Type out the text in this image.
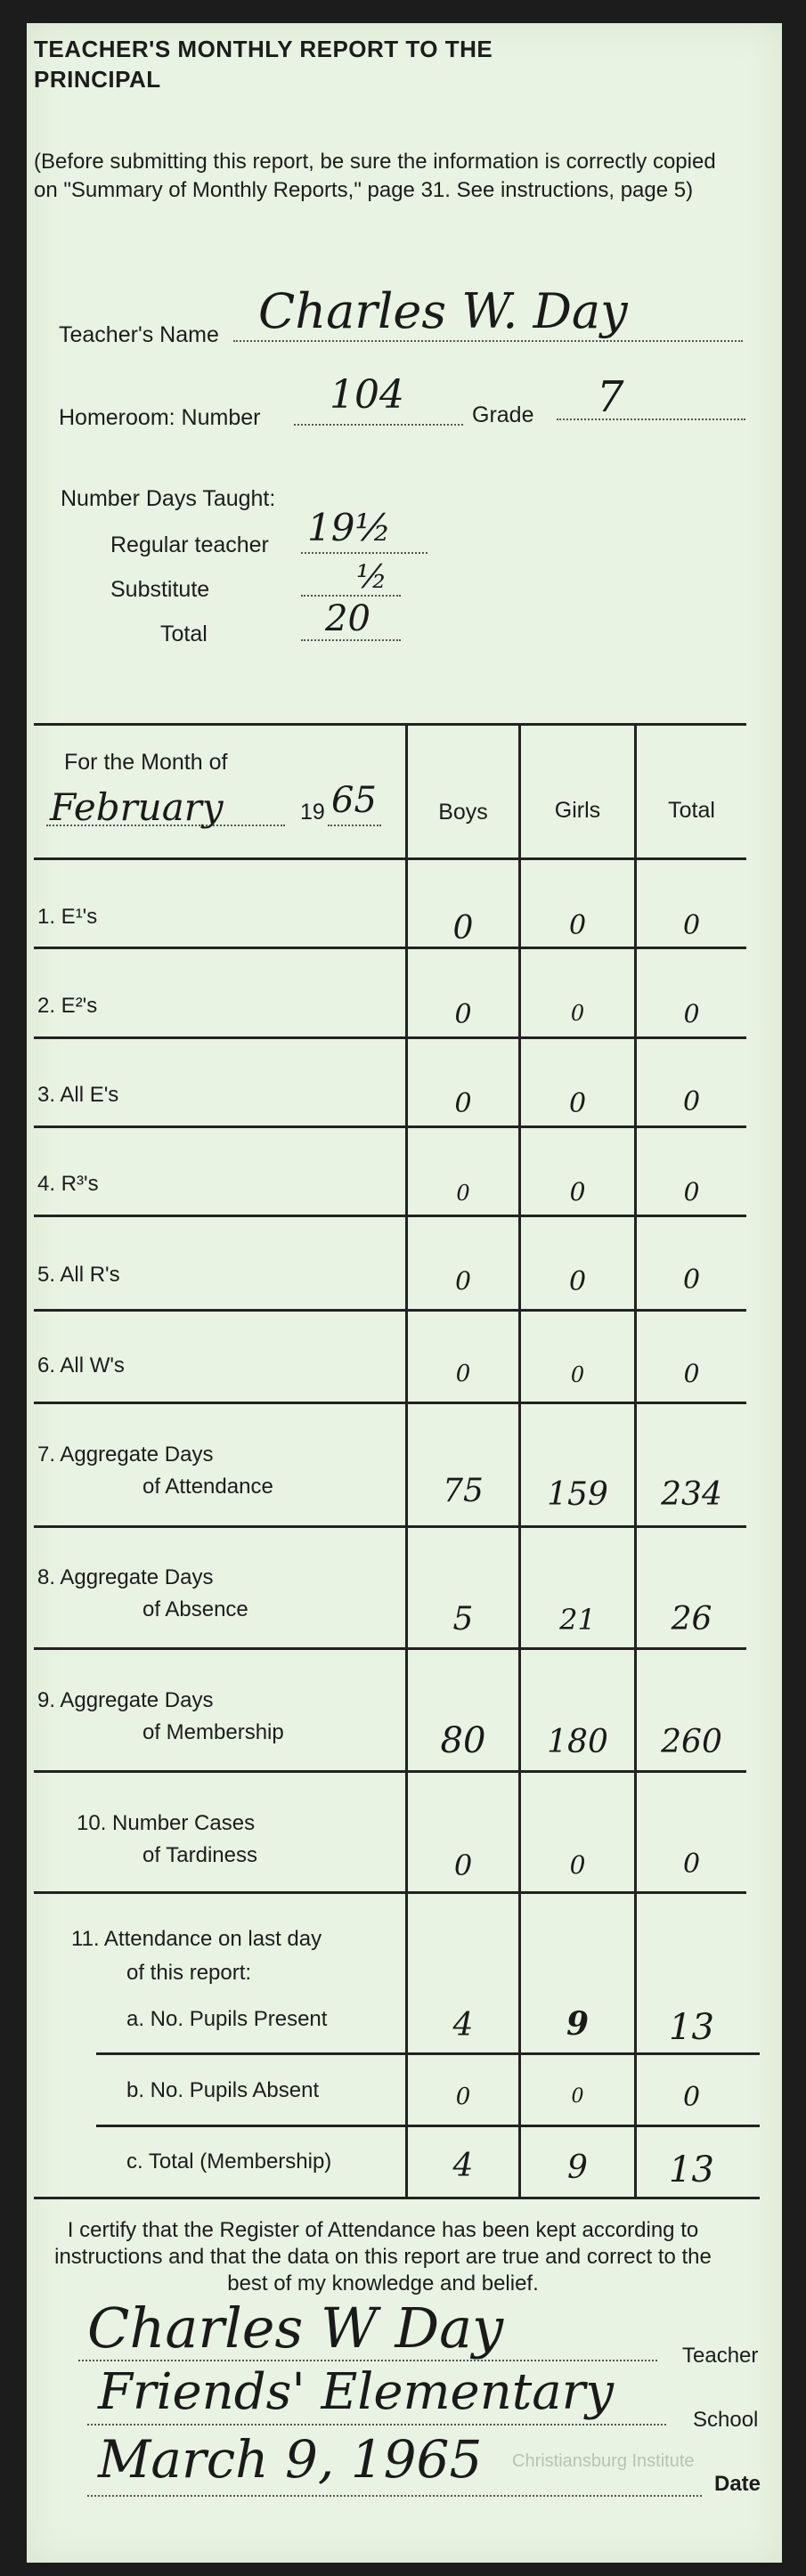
TEACHER'S MONTHLY REPORT TO THE PRINCIPAL
(Before submitting this report, be sure the information is correctly copied on "Summary of Monthly Reports," page 31. See instructions, page 5)
Teacher's Name Charles W. Day
Homeroom: Number 104	Grade 7
Number Days Taught:
Regular teacher 19½
Substitute	½
Total	20
For the Month of
February	19 65	Boys	Girls	Total
1. E¹'s	0	0	0
2. E²'s	0	0	0
3. All E's	0	0	0
4. R³'s	0	0	0
5. All R's	0	0	0
6. All W's	0	0	0
7. Aggregate Days
of Attendance	75	159	234
8. Aggregate Days
of Absence	5	21	26
9. Aggregate Days
of Membership	80	180	260
10. Number Cases
of Tardiness	0	0	0
11. Attendance on last day
of this report:
a. No. Pupils Present	4	9	13
b. No. Pupils Absent	0	0	0
c. Total (Membership)	4	9	13
I certify that the Register of Attendance has been kept according to instructions and that the data on this report are true and correct to the best of my knowledge and belief.
Charles W Day	Teacher
Friends' Elementary	School
March 9, 1965 Christiansburg Institute
Date
